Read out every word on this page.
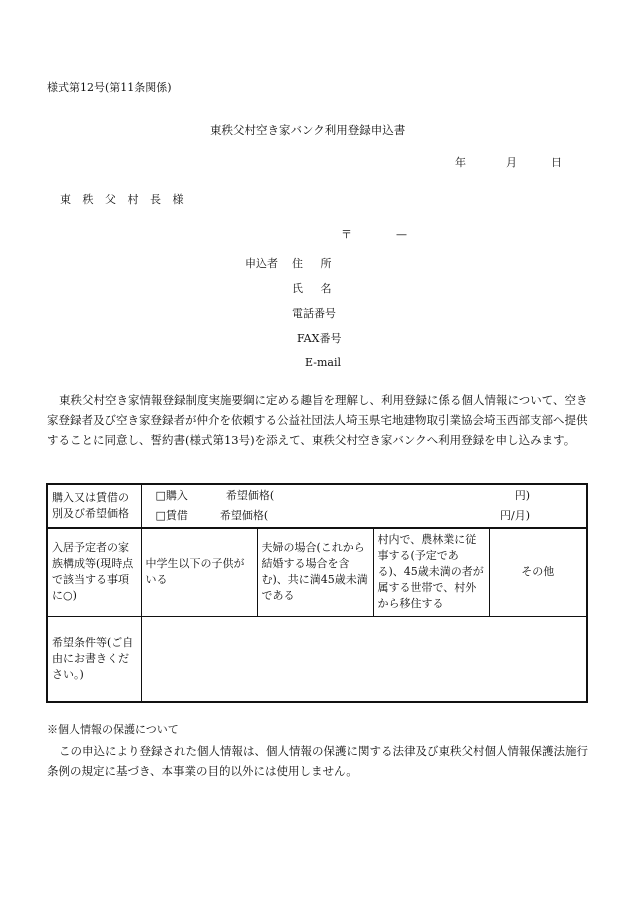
様式第12号(第11条関係)
東秩父村空き家バンク利用登録申込書
年	月	日
東 秩 父 村 長 様
〒	—
申込者 住 所
氏 名
電話番号
FAX番号
E-mail

東秩父村空き家情報登録制度実施要綱に定める趣旨を理解し、利用登録に係る個人情報について、空き家登録者及び空き家登録者が仲介を依頼する公益社団法人埼玉県宅地建物取引業協会埼玉西部支部へ提供することに同意し、誓約書(様式第13号)を添えて、東秩父村空き家バンクへ利用登録を申し込みます。

購入又は賃借の別及び希望価格	□購入 希望価格( 円)
□賃借 希望価格( 円/月)			

入居予定者の家族構成等(現時点で該当する事項に○)	中学生以下の子供がいる	夫婦の場合(これから結婚する場合を含む)、共に満45歳未満である	村内で、農林業に従事する(予定である)、45歳未満の者が属する世帯で、村外から移住する	その他
希望条件等(ご自由にお書きください。)				
※個人情報の保護について

この申込により登録された個人情報は、個人情報の保護に関する法律及び東秩父村個人情報保護法施行条例の規定に基づき、本事業の目的以外には使用しません。
